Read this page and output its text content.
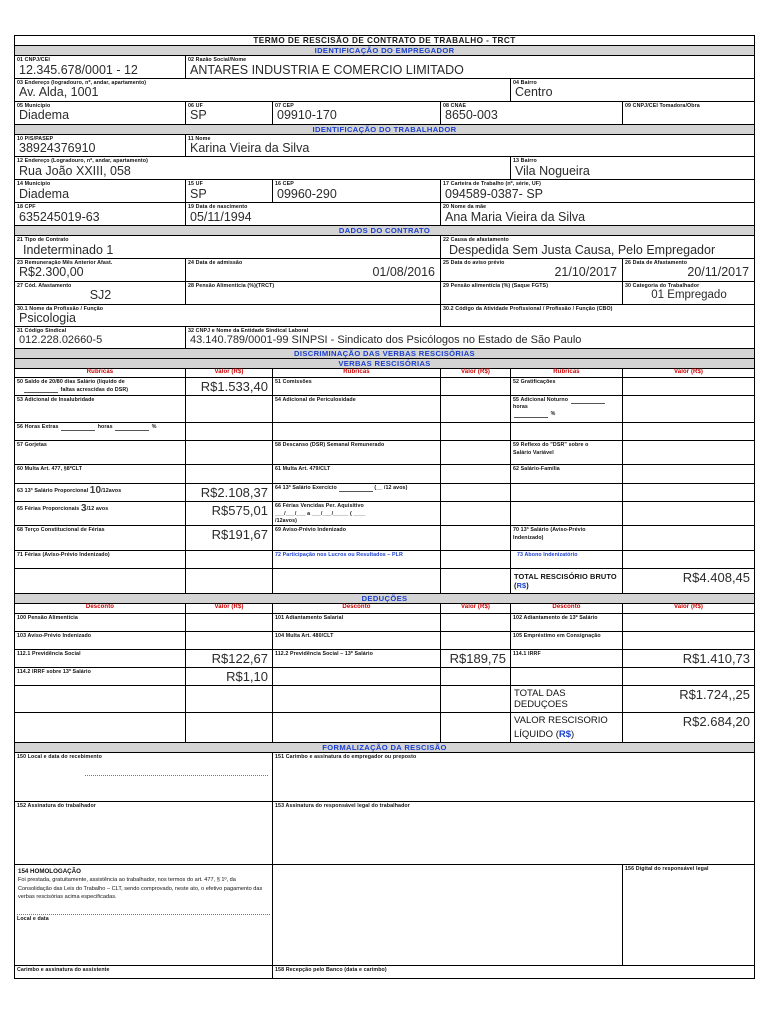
TERMO DE RESCISÃO DE CONTRATO DE TRABALHO - TRCT					
IDENTIFICAÇÃO DO EMPREGADOR					

01 CNPJ/CEI
12.345.678/0001 - 12

02 Razão Social/Nome
ANTARES INDUSTRIA E COMERCIO LIMITADO

03 Endereço (logradouro, nº, andar, apartamento)
Av. Alda, 1001

04 Bairro
Centro

05 Município
Diadema

06 UF
SP

07 CEP
09910-170

08 CNAE
8650-003

09 CNPJ/CEI Tomadora/Obra

IDENTIFICAÇÃO DO TRABALHADOR					

10 PIS/PASEP
38924376910

11 Nome
Karina Vieira da Silva

12 Endereço (Logradouro, nº, andar, apartamento)
Rua João XXIII, 058

13 Bairro
Vila Nogueira

14 Município
Diadema

15 UF
SP

16 CEP
09960-290

17 Carteira de Trabalho (nº, série, UF)
094589-0387- SP

18 CPF
635245019-63

19 Data de nascimento
05/11/1994

20 Nome da mãe
Ana Maria Vieira da Silva

DADOS DO CONTRATO					

21 Tipo de Contrato
Indeterminado 1

22 Causa de afastamento
Despedida Sem Justa Causa, Pelo Empregador

23 Remuneração Mês Anterior Afast.
R$2.300,00

24 Data de admissão
01/08/2016

25 Data do aviso prévio
21/10/2017

26 Data de Afastamento
20/11/2017

27 Cód. Afastamento
SJ2

28 Pensão Alimentícia (%)(TRCT)	29 Pensão alimentícia (%) (Saque FGTS)	30 Categoria do Trabalhador
01 Empregado

30.1 Nome da Profissão / Função
Psicologia			30.2 Código da Atividade Profissional / Profissão / Função (CBO)		

31 Código Sindical
012.228.02660-5

32 CNPJ e Nome da Entidade Sindical Laboral
43.140.789/0001-99 SINPSI - Sindicato dos Psicólogos no Estado de São Paulo

DISCRIMINAÇÃO DAS VERBAS RESCISÓRIAS					
VERBAS RESCISÓRIAS					
Rubricas	Valor (R$)	Rubricas	Valor (R$)	Rubricas	Valor (R$)

50 Saldo de 20/80 dias Salário (líquido de
faltas acrescidas do DSR)	R$1.533,40	51 Comissões		52 Gratificações	

53 Adicional de Insalubridade		54 Adicional de Periculosidade		55 Adicional Noturno  horas
%	

56 Horas Extras horas %					

57 Gorjetas		58 Descanso (DSR) Semanal Remunerado		59 Reflexo do "DSR" sobre o
Salário Variável	

60 Multa Art. 477, §8ºCLT		61 Multa Art. 479/CLT		62 Salário-Família	

63 13ª Salário Proporcional 10/12avos	R$2.108,37	64 13ª Salário Exercício (__ /12 avos)			

65 Férias Proporcionais 3/12 avos	R$575,01	66 Férias Vencidas Per. Aquisitivo
___/___/___ a ___/___/_____ ( ____
/12avos)			

68 Terço Constitucional de Férias	R$191,67	69 Aviso-Prévio Indenizado		70 13ª Salário (Aviso-Prévio
Indenizado)	

71 Férias (Aviso-Prévio Indenizado)		72 Participação nos Lucros ou Resultados – PLR		73 Abono Indenizatório	

				TOTAL RESCISÓRIO BRUTO (R$)	R$4.408,45

DEDUÇÕES					
Desconto	Valor (R$)	Desconto	Valor (R$)	Desconto	Valor (R$)

100 Pensão Alimentícia		101 Adiantamento Salarial		102 Adiantamento de 13º Salário	

103 Aviso-Prévio Indenizado		104 Multa Art. 480/CLT		105 Empréstimo em Consignação	

112.1 Previdência Social	R$122,67	112.2 Previdência Social – 13º Salário	R$189,75	114.1 IRRF	R$1.410,73

114.2 IRRF sobre 13º Salário	R$1,10				

				TOTAL DAS DEDUÇOES	R$1.724,,25

				VALOR RESCISORIO
LÍQUIDO (R$)	R$2.684,20

FORMALIZAÇÃO DA RESCISÃO					

150 Local e data do recebimento		151 Carimbo e assinatura do empregador ou preposto			

152 Assinatura do trabalhador		153 Assinatura do responsável legal do trabalhador			

154 HOMOLOGAÇÃO

Foi prestada, gratuitamente, assistência ao trabalhador, nos termos do art. 477, § 1º, da Consolidação das Leis do Trabalho – CLT, sendo comprovado, neste ato, o efetivo pagamento das verbas rescisórias acima especificadas.

Local e data					156 Digital do responsável legal

Carimbo e assinatura do assistente		158 Recepção pelo Banco (data e carimbo)			
